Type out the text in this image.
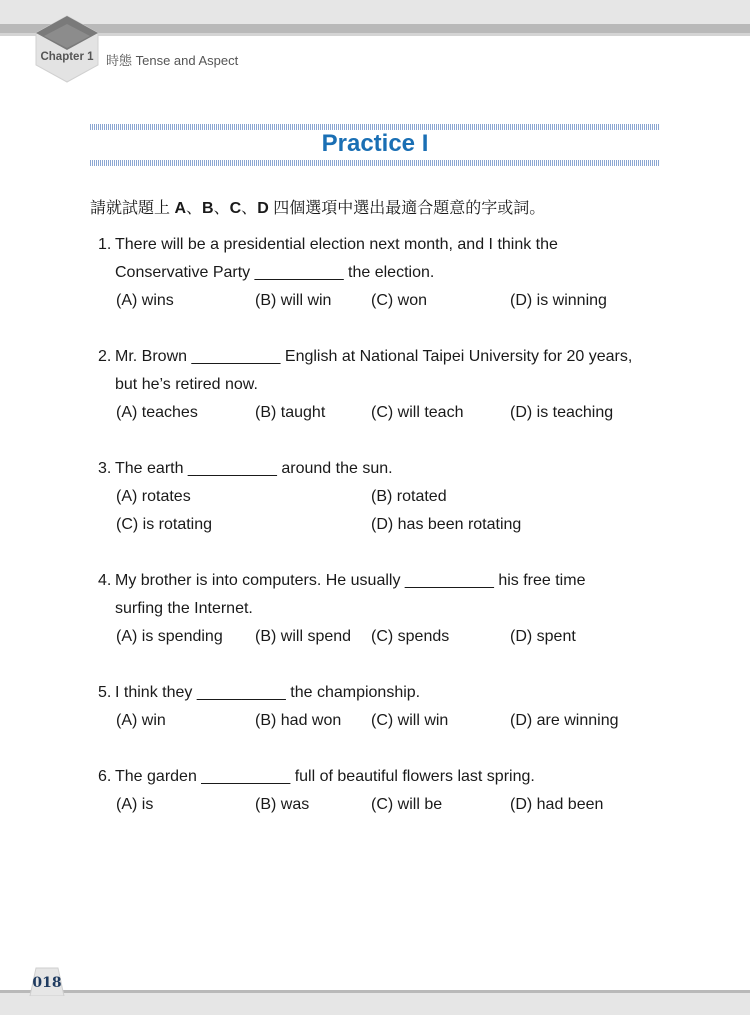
Chapter 1 時態 Tense and Aspect
Practice I
請就試題上 A、B、C、D 四個選項中選出最適合題意的字或詞。
1. There will be a presidential election next month, and I think the
Conservative Party __________ the election.
(A) wins	(B) will win (C) won	(D) is winning
2. Mr. Brown __________ English at National Taipei University for 20 years,
but he’s retired now.
(A) teaches	(B) taught	(C) will teach	(D) is teaching
3. The earth __________ around the sun.
(A) rotates	(B) rotated
(C) is rotating	(D) has been rotating
4. My brother is into computers. He usually __________ his free time
surfing the Internet.
(A) is spending (B) will spend (C) spends	(D) spent
5. I think they __________ the championship.
(A) win	(B) had won (C) will win	(D) are winning
6. The garden __________ full of beautiful flowers last spring.
(A) is	(B) was	(C) will be	(D) had been
018
